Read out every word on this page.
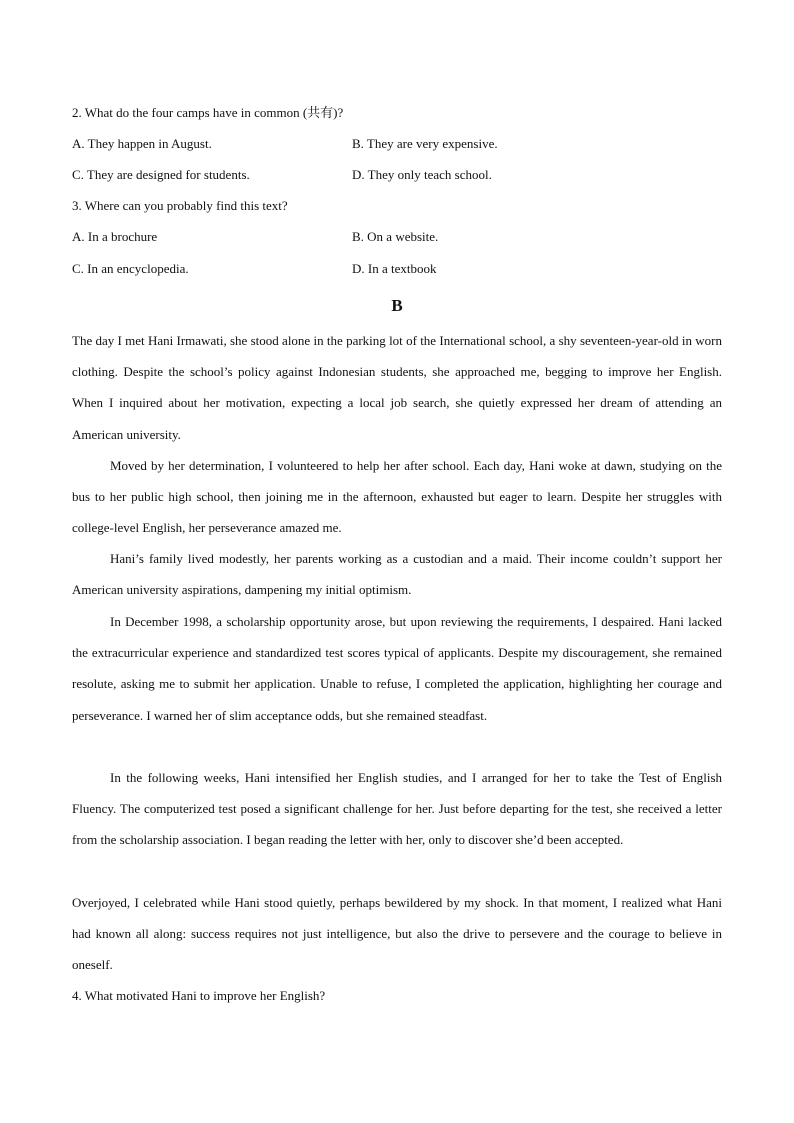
2. What do the four camps have in common (共有)?
A. They happen in August.	B. They are very expensive.
C. They are designed for students.	D. They only teach school.
3. Where can you probably find this text?
A. In a brochure	B. On a website.
C. In an encyclopedia.	D. In a textbook
B
The day I met Hani Irmawati, she stood alone in the parking lot of the International school, a shy seventeen-year-old in worn clothing. Despite the school’s policy against Indonesian students, she approached me, begging to improve her English. When I inquired about her motivation, expecting a local job search, she quietly expressed her dream of attending an American university.
Moved by her determination, I volunteered to help her after school. Each day, Hani woke at dawn, studying on the bus to her public high school, then joining me in the afternoon, exhausted but eager to learn. Despite her struggles with college-level English, her perseverance amazed me.
Hani’s family lived modestly, her parents working as a custodian and a maid. Their income couldn’t support her American university aspirations, dampening my initial optimism.
In December 1998, a scholarship opportunity arose, but upon reviewing the requirements, I despaired. Hani lacked the extracurricular experience and standardized test scores typical of applicants. Despite my discouragement, she remained resolute, asking me to submit her application. Unable to refuse, I completed the application, highlighting her courage and perseverance. I warned her of slim acceptance odds, but she remained steadfast.
In the following weeks, Hani intensified her English studies, and I arranged for her to take the Test of English Fluency. The computerized test posed a significant challenge for her. Just before departing for the test, she received a letter from the scholarship association. I began reading the letter with her, only to discover she’d been accepted.
Overjoyed, I celebrated while Hani stood quietly, perhaps bewildered by my shock. In that moment, I realized what Hani had known all along: success requires not just intelligence, but also the drive to persevere and the courage to believe in oneself.
4. What motivated Hani to improve her English?
